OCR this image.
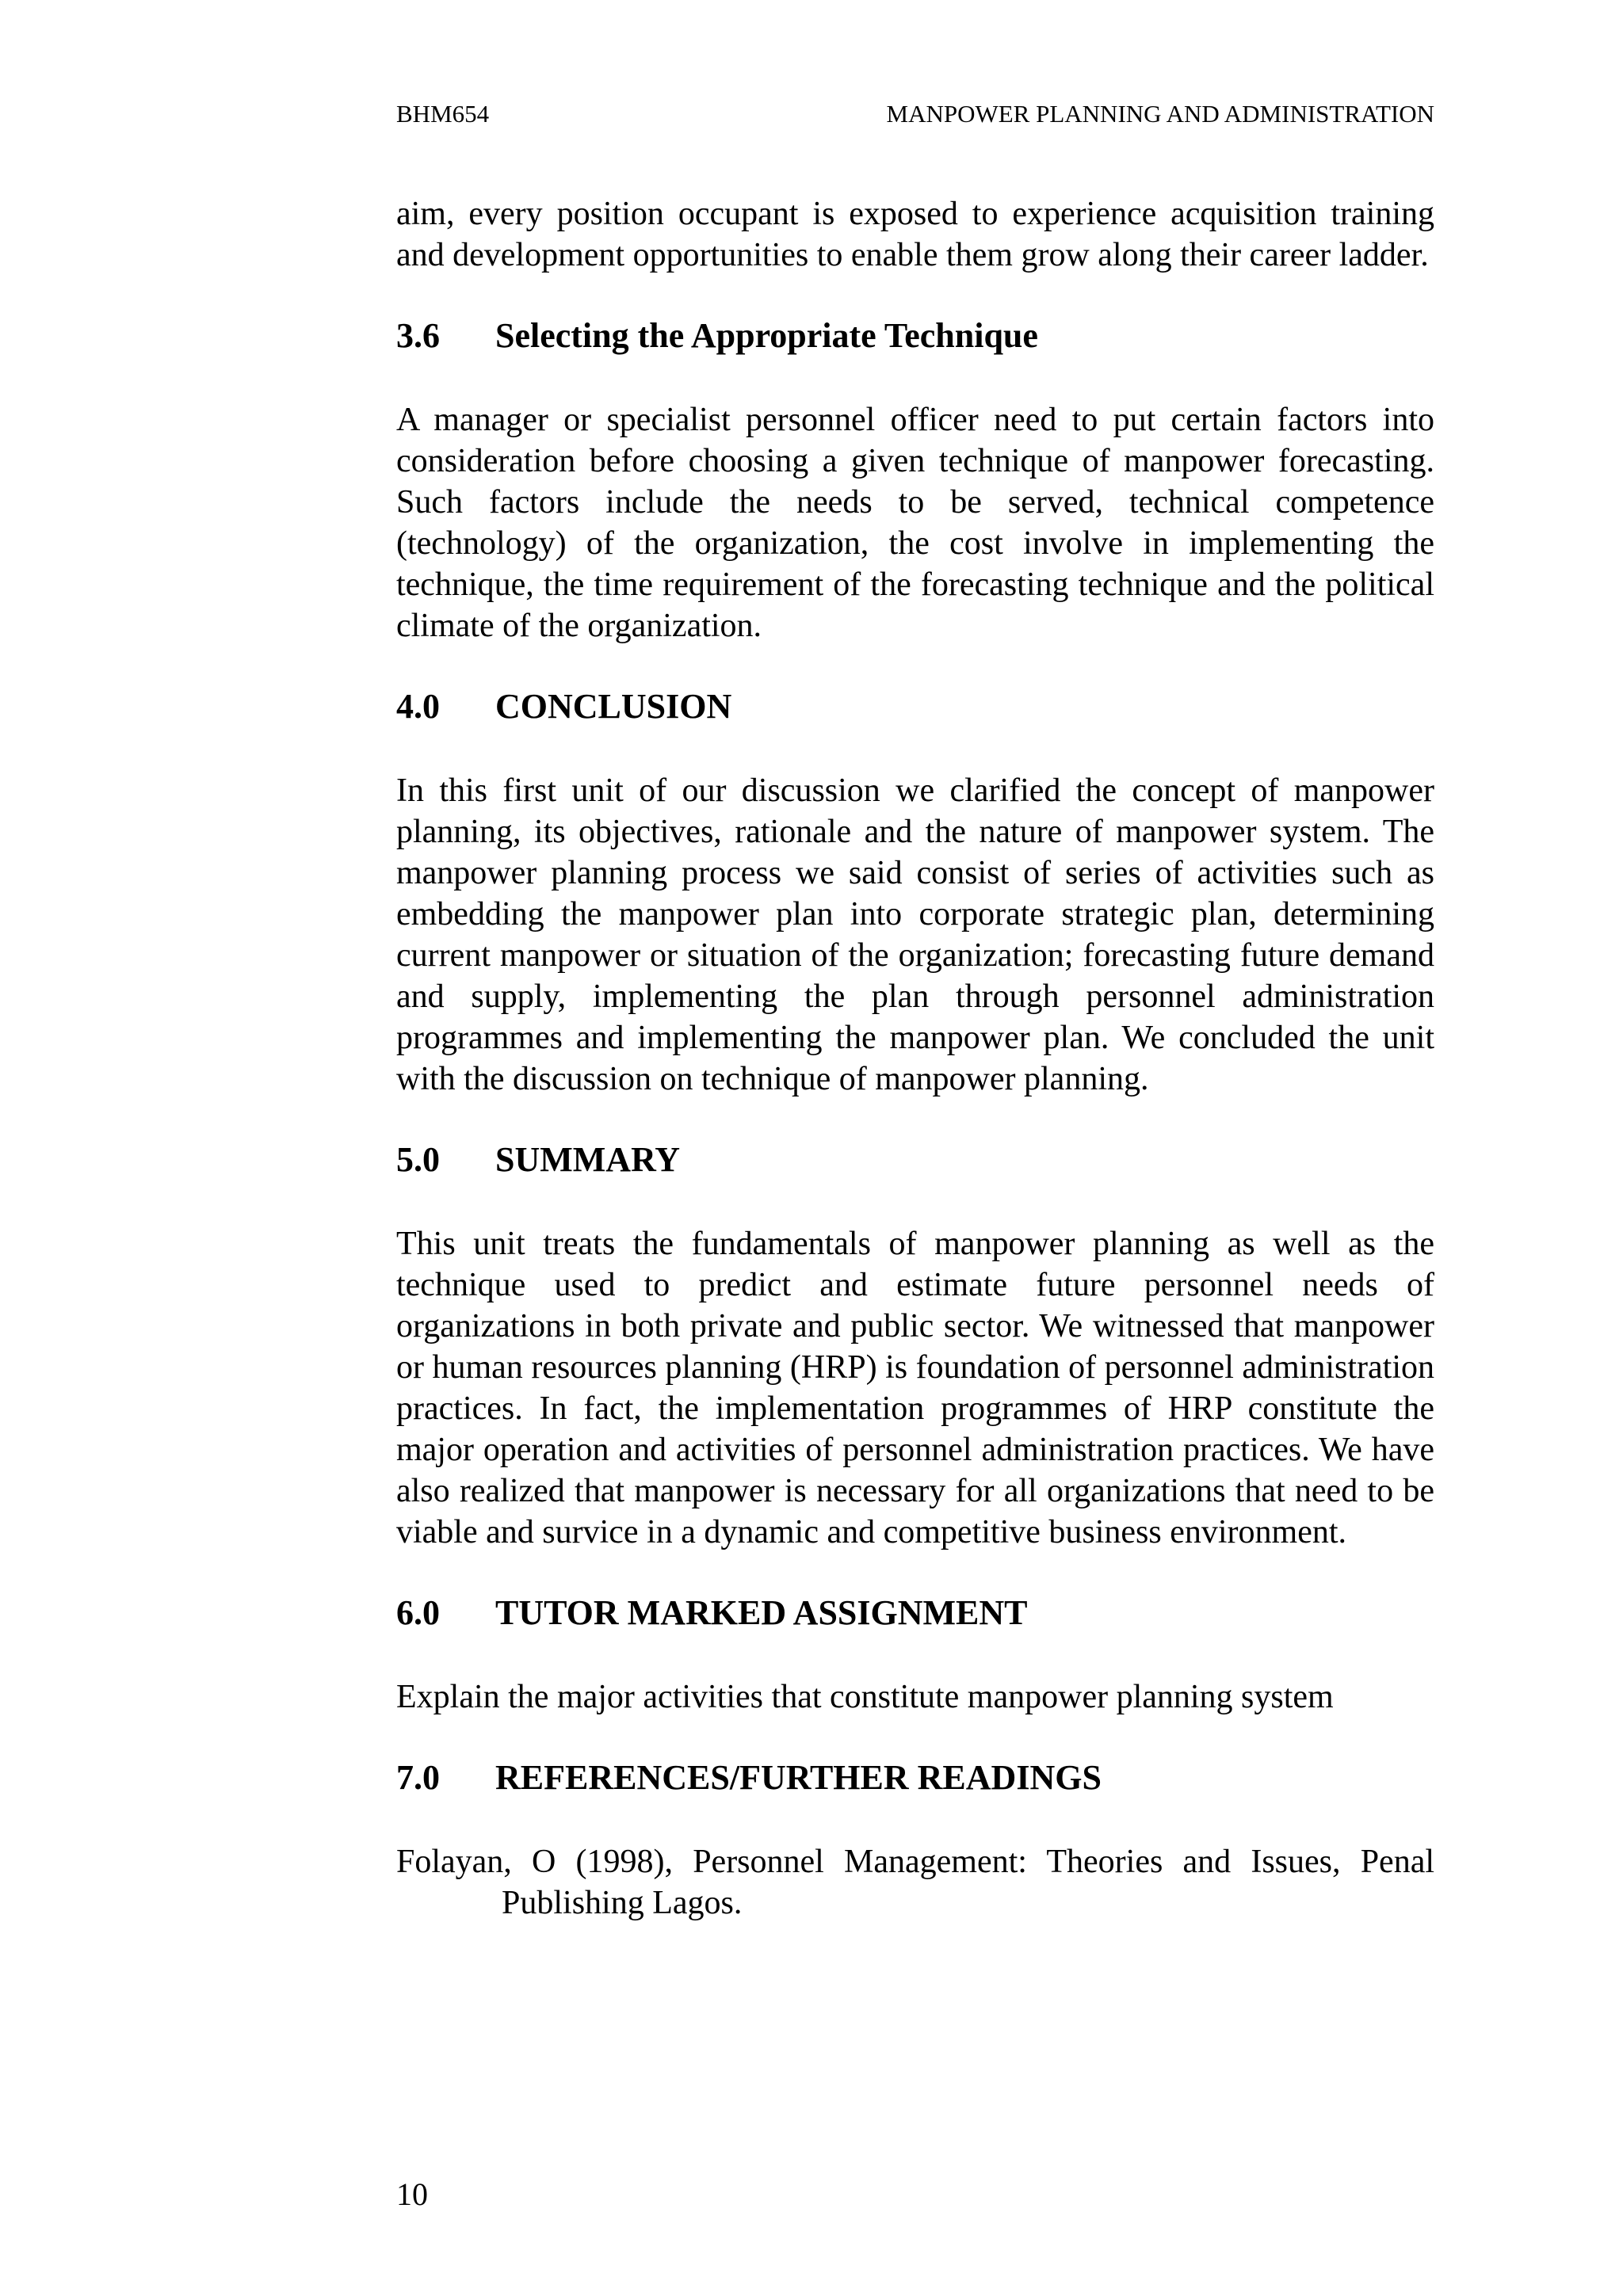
BHM654	MANPOWER PLANNING AND ADMINISTRATION

aim, every position occupant is exposed to experience acquisition training and development opportunities to enable them grow along their career ladder.

3.6	Selecting the Appropriate Technique

A manager or specialist personnel officer need to put certain factors into consideration before choosing a given technique of manpower forecasting. Such factors include the needs to be served, technical competence (technology) of the organization, the cost involve in implementing the technique, the time requirement of the forecasting technique and the political climate of the organization.

4.0	CONCLUSION

In this first unit of our discussion we clarified the concept of manpower planning, its objectives, rationale and the nature of manpower system. The manpower planning process we said consist of series of activities such as embedding the manpower plan into corporate strategic plan, determining current manpower or situation of the organization; forecasting future demand and supply, implementing the plan through personnel administration programmes and implementing the manpower plan. We concluded the unit with the discussion on technique of manpower planning.

5.0	SUMMARY

This unit treats the fundamentals of manpower planning as well as the technique used to predict and estimate future personnel needs of organizations in both private and public sector. We witnessed that manpower or human resources planning (HRP) is foundation of personnel administration practices. In fact, the implementation programmes of HRP constitute the major operation and activities of personnel administration practices. We have also realized that manpower is necessary for all organizations that need to be viable and survice in a dynamic and competitive business environment.

6.0	TUTOR MARKED ASSIGNMENT

Explain the major activities that constitute manpower planning system

7.0	REFERENCES/FURTHER READINGS

Folayan, O (1998), Personnel Management: Theories and Issues, Penal Publishing Lagos.

10
